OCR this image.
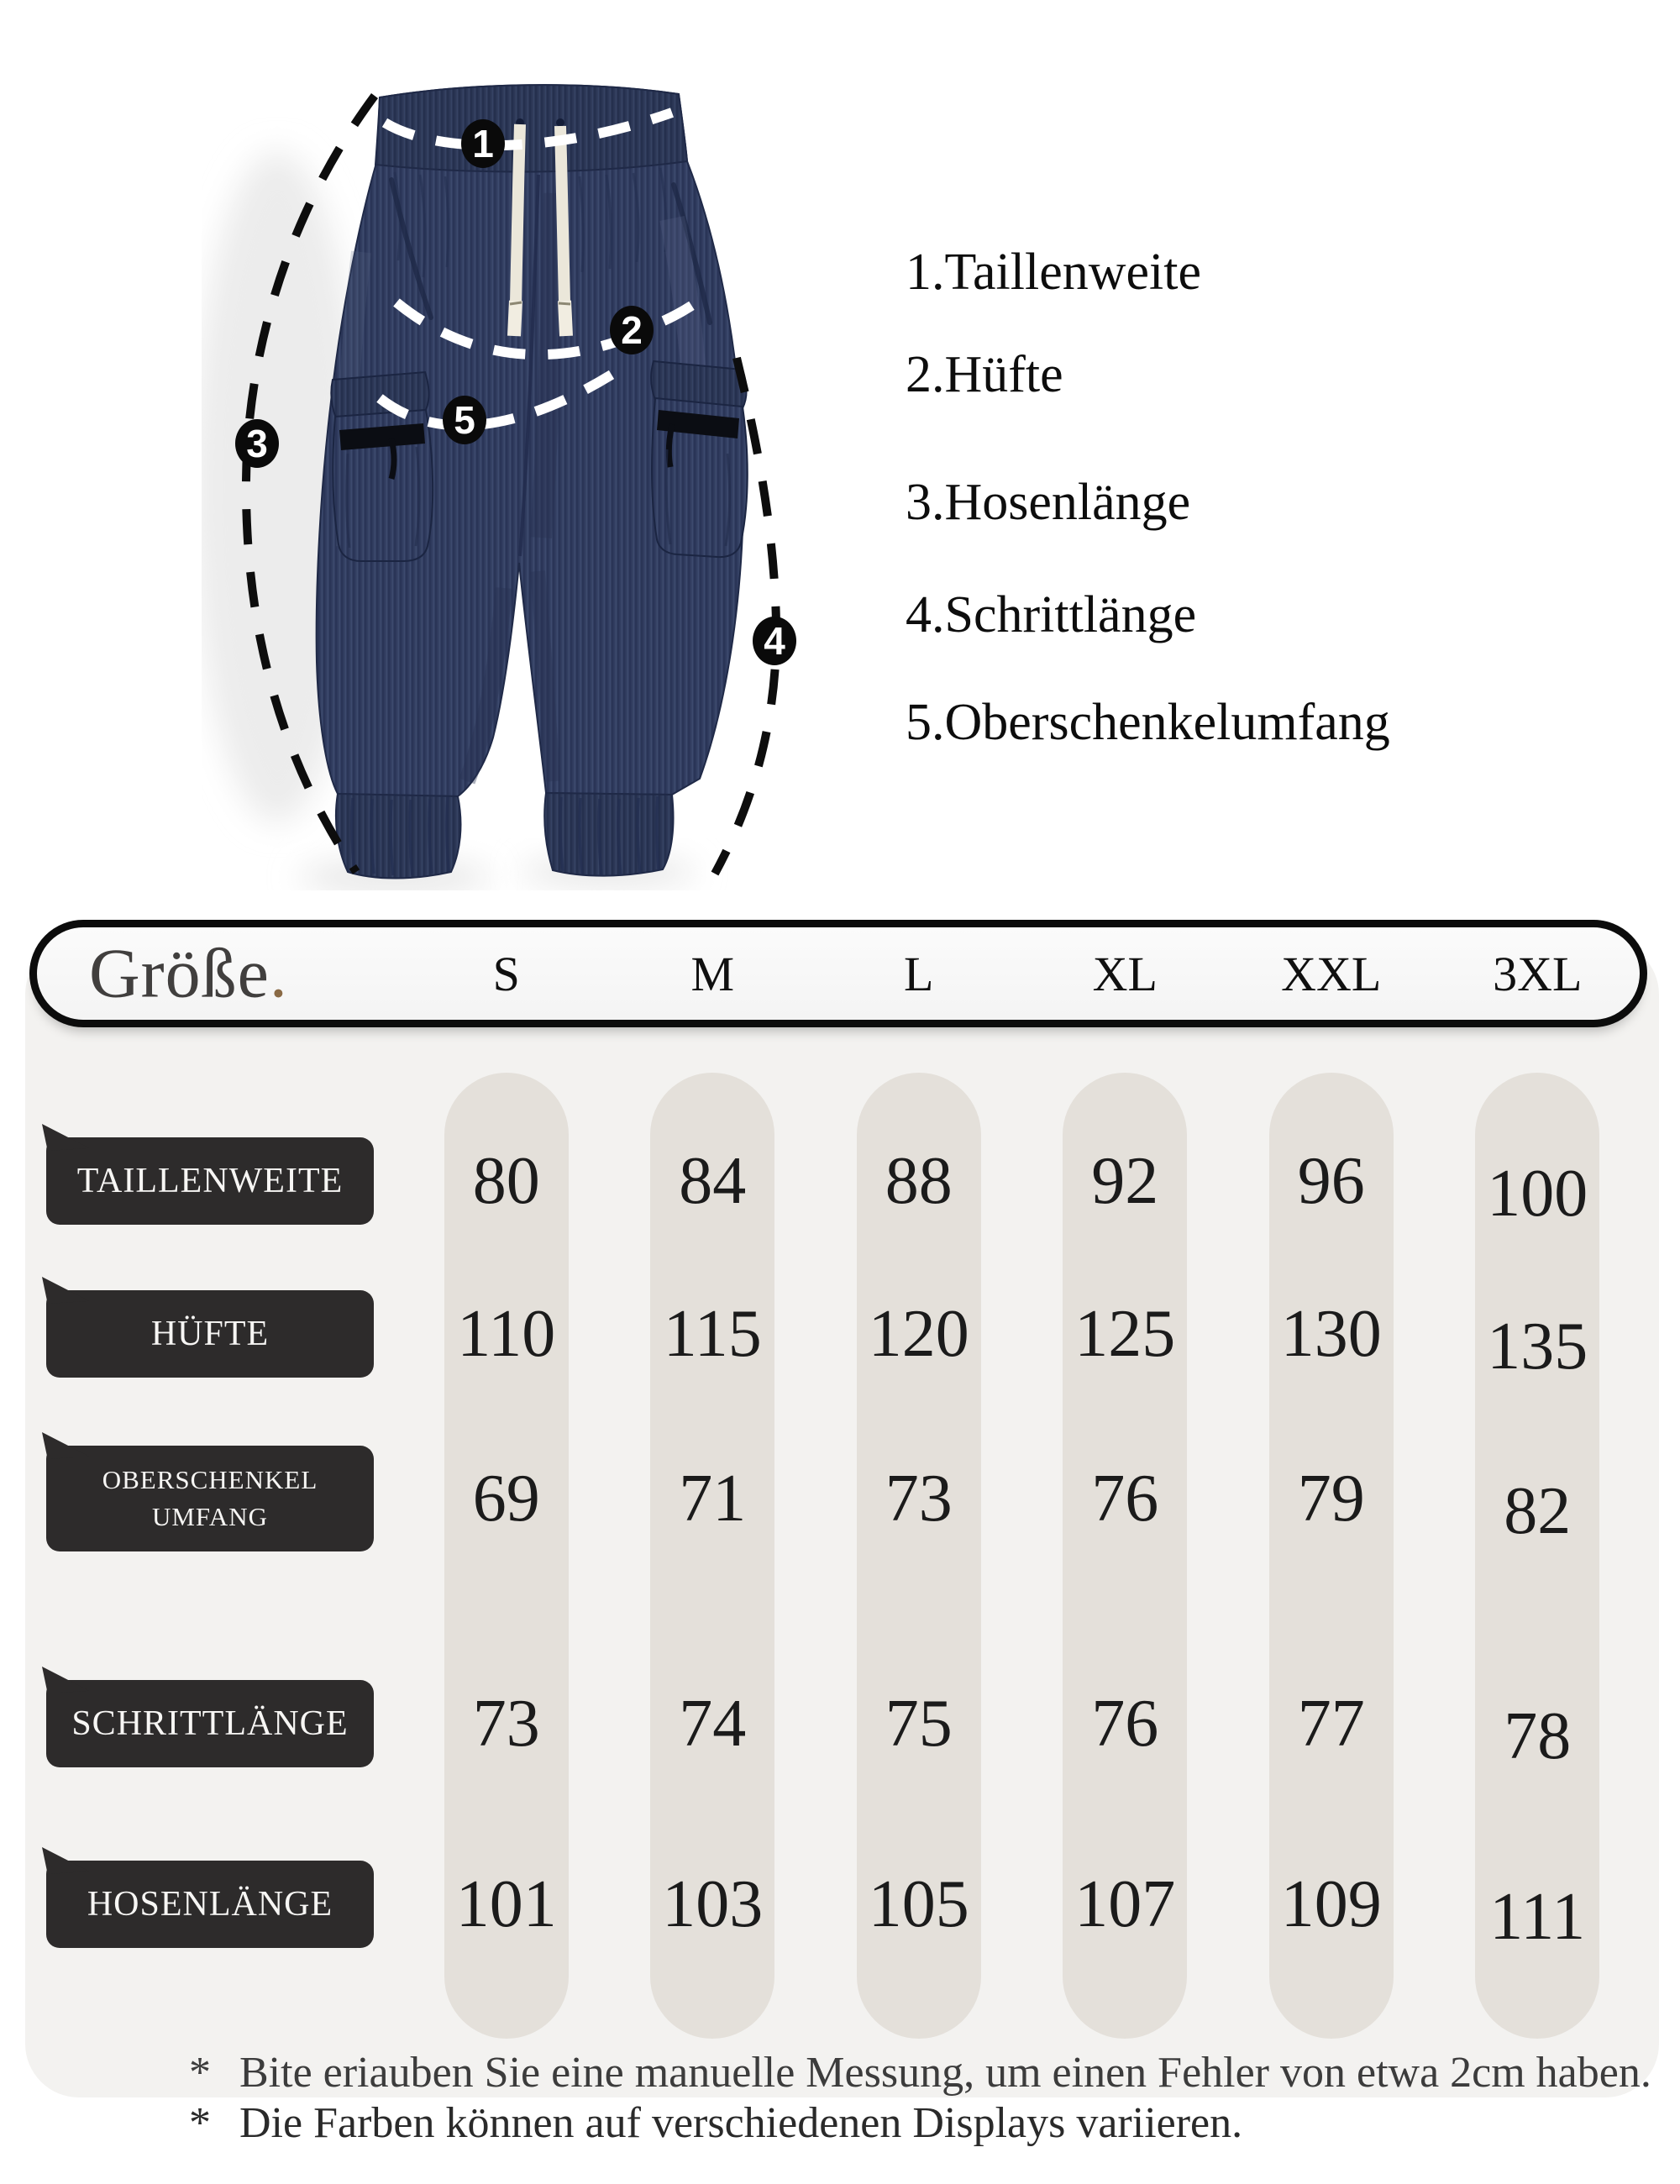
1
2
3
4
5
1.Taillenweite
2.Hüfte
3.Hosenlänge
4.Schrittlänge
5.Oberschenkelumfang
Größe.	S	M	L	XL	XXL	3XL
TAILLENWEITE	80	84	88	92	96	100
HÜFTE	110	115	120	125	130	135
OBERSCHENKEL
UMFANG	69	71	73	76	79	82
SCHRITTLÄNGE	73	74	75	76	77	78
HOSENLÄNGE	101	103	105	107	109	111
* Bite eriauben Sie eine manuelle Messung, um einen Fehler von etwa 2cm haben.
* Die Farben können auf verschiedenen Displays variieren.
